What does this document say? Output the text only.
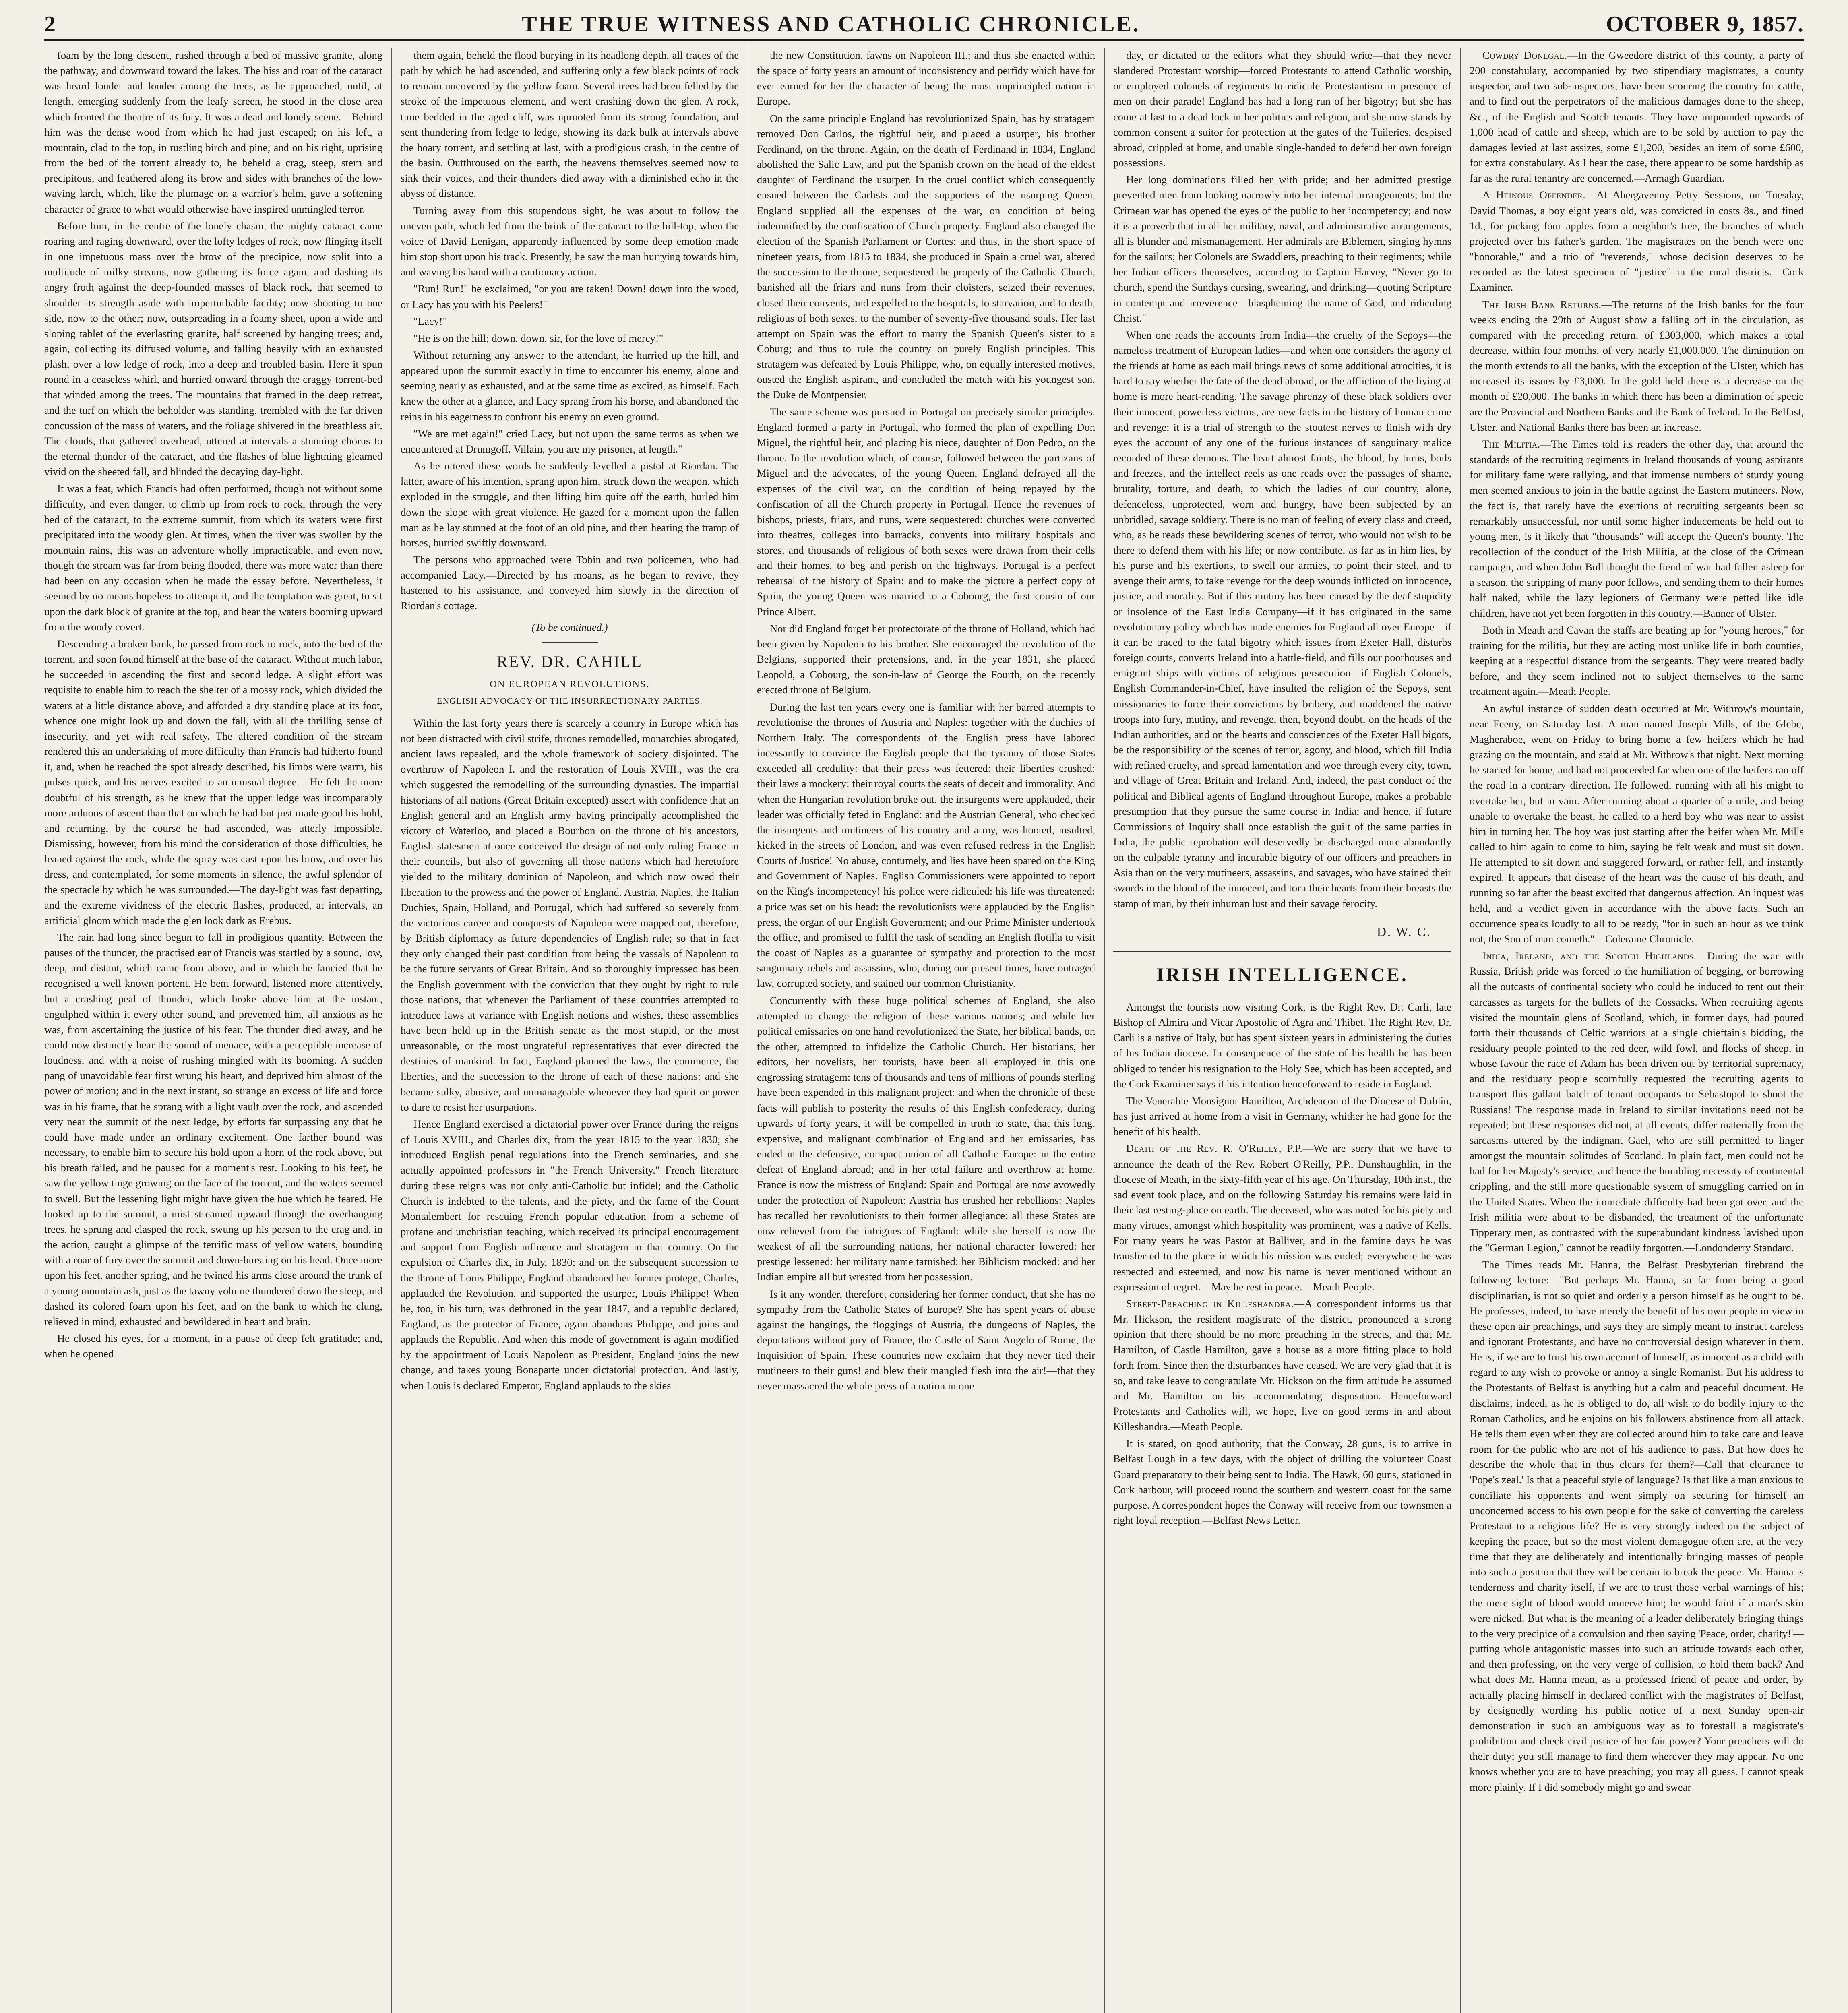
2	THE TRUE WITNESS AND CATHOLIC CHRONICLE.	OCTOBER 9, 1857.

foam by the long descent, rushed through a bed of massive granite, along the pathway, and downward toward the lakes. The hiss and roar of the cataract was heard louder and louder among the trees, as he approached, until, at length, emerging suddenly from the leafy screen, he stood in the close area which fronted the theatre of its fury. It was a dead and lonely scene.—Behind him was the dense wood from which he had just escaped; on his left, a mountain, clad to the top, in rustling birch and pine; and on his right, uprising from the bed of the torrent already to, he beheld a crag, steep, stern and precipitous, and feathered along its brow and sides with branches of the low-waving larch, which, like the plumage on a warrior's helm, gave a softening character of grace to what would otherwise have inspired unmingled terror.

Before him, in the centre of the lonely chasm, the mighty cataract came roaring and raging downward, over the lofty ledges of rock, now flinging itself in one impetuous mass over the brow of the precipice, now split into a multitude of milky streams, now gathering its force again, and dashing its angry froth against the deep-founded masses of black rock, that seemed to shoulder its strength aside with imperturbable facility; now shooting to one side, now to the other; now, outspreading in a foamy sheet, upon a wide and sloping tablet of the everlasting granite, half screened by hanging trees; and, again, collecting its diffused volume, and falling heavily with an exhausted plash, over a low ledge of rock, into a deep and troubled basin. Here it spun round in a ceaseless whirl, and hurried onward through the craggy torrent-bed that winded among the trees. The mountains that framed in the deep retreat, and the turf on which the beholder was standing, trembled with the far driven concussion of the mass of waters, and the foliage shivered in the breathless air. The clouds, that gathered overhead, uttered at intervals a stunning chorus to the eternal thunder of the cataract, and the flashes of blue lightning gleamed vivid on the sheeted fall, and blinded the decaying day-light.

It was a feat, which Francis had often performed, though not without some difficulty, and even danger, to climb up from rock to rock, through the very bed of the cataract, to the extreme summit, from which its waters were first precipitated into the woody glen. At times, when the river was swollen by the mountain rains, this was an adventure wholly impracticable, and even now, though the stream was far from being flooded, there was more water than there had been on any occasion when he made the essay before. Nevertheless, it seemed by no means hopeless to attempt it, and the temptation was great, to sit upon the dark block of granite at the top, and hear the waters booming upward from the woody covert.

Descending a broken bank, he passed from rock to rock, into the bed of the torrent, and soon found himself at the base of the cataract. Without much labor, he succeeded in ascending the first and second ledge. A slight effort was requisite to enable him to reach the shelter of a mossy rock, which divided the waters at a little distance above, and afforded a dry standing place at its foot, whence one might look up and down the fall, with all the thrilling sense of insecurity, and yet with real safety. The altered condition of the stream rendered this an undertaking of more difficulty than Francis had hitherto found it, and, when he reached the spot already described, his limbs were warm, his pulses quick, and his nerves excited to an unusual degree.—He felt the more doubtful of his strength, as he knew that the upper ledge was incomparably more arduous of ascent than that on which he had but just made good his hold, and returning, by the course he had ascended, was utterly impossible. Dismissing, however, from his mind the consideration of those difficulties, he leaned against the rock, while the spray was cast upon his brow, and over his dress, and contemplated, for some moments in silence, the awful splendor of the spectacle by which he was surrounded.—The day-light was fast departing, and the extreme vividness of the electric flashes, produced, at intervals, an artificial gloom which made the glen look dark as Erebus.

The rain had long since begun to fall in prodigious quantity. Between the pauses of the thunder, the practised ear of Francis was startled by a sound, low, deep, and distant, which came from above, and in which he fancied that he recognised a well known portent. He bent forward, listened more attentively, but a crashing peal of thunder, which broke above him at the instant, engulphed within it every other sound, and prevented him, all anxious as he was, from ascertaining the justice of his fear. The thunder died away, and he could now distinctly hear the sound of menace, with a perceptible increase of loudness, and with a noise of rushing mingled with its booming. A sudden pang of unavoidable fear first wrung his heart, and deprived him almost of the power of motion; and in the next instant, so strange an excess of life and force was in his frame, that he sprang with a light vault over the rock, and ascended very near the summit of the next ledge, by efforts far surpassing any that he could have made under an ordinary excitement. One farther bound was necessary, to enable him to secure his hold upon a horn of the rock above, but his breath failed, and he paused for a moment's rest. Looking to his feet, he saw the yellow tinge growing on the face of the torrent, and the waters seemed to swell. But the lessening light might have given the hue which he feared. He looked up to the summit, a mist streamed upward through the overhanging trees, he sprung and clasped the rock, swung up his person to the crag and, in the action, caught a glimpse of the terrific mass of yellow waters, bounding with a roar of fury over the summit and down-bursting on his head. Once more upon his feet, another spring, and he twined his arms close around the trunk of a young mountain ash, just as the tawny volume thundered down the steep, and dashed its colored foam upon his feet, and on the bank to which he clung, relieved in mind, exhausted and bewildered in heart and brain.

He closed his eyes, for a moment, in a pause of deep felt gratitude; and, when he opened

them again, beheld the flood burying in its headlong depth, all traces of the path by which he had ascended, and suffering only a few black points of rock to remain uncovered by the yellow foam. Several trees had been felled by the stroke of the impetuous element, and went crashing down the glen. A rock, time bedded in the aged cliff, was uprooted from its strong foundation, and sent thundering from ledge to ledge, showing its dark bulk at intervals above the hoary torrent, and settling at last, with a prodigious crash, in the centre of the basin. Outthroused on the earth, the heavens themselves seemed now to sink their voices, and their thunders died away with a diminished echo in the abyss of distance.

Turning away from this stupendous sight, he was about to follow the uneven path, which led from the brink of the cataract to the hill-top, when the voice of David Lenigan, apparently influenced by some deep emotion made him stop short upon his track. Presently, he saw the man hurrying towards him, and waving his hand with a cautionary action.

"Run! Run!" he exclaimed, "or you are taken! Down! down into the wood, or Lacy has you with his Peelers!"

"Lacy!"

"He is on the hill; down, down, sir, for the love of mercy!"

Without returning any answer to the attendant, he hurried up the hill, and appeared upon the summit exactly in time to encounter his enemy, alone and seeming nearly as exhausted, and at the same time as excited, as himself. Each knew the other at a glance, and Lacy sprang from his horse, and abandoned the reins in his eagerness to confront his enemy on even ground.

"We are met again!" cried Lacy, but not upon the same terms as when we encountered at Drumgoff. Villain, you are my prisoner, at length."

As he uttered these words he suddenly levelled a pistol at Riordan. The latter, aware of his intention, sprang upon him, struck down the weapon, which exploded in the struggle, and then lifting him quite off the earth, hurled him down the slope with great violence. He gazed for a moment upon the fallen man as he lay stunned at the foot of an old pine, and then hearing the tramp of horses, hurried swiftly downward.

The persons who approached were Tobin and two policemen, who had accompanied Lacy.—Directed by his moans, as he began to revive, they hastened to his assistance, and conveyed him slowly in the direction of Riordan's cottage.

(To be continued.)
REV. DR. CAHILL
ON EUROPEAN REVOLUTIONS.
ENGLISH ADVOCACY OF THE INSURRECTIONARY PARTIES.

Within the last forty years there is scarcely a country in Europe which has not been distracted with civil strife, thrones remodelled, monarchies abrogated, ancient laws repealed, and the whole framework of society disjointed. The overthrow of Napoleon I. and the restoration of Louis XVIII., was the era which suggested the remodelling of the surrounding dynasties. The impartial historians of all nations (Great Britain excepted) assert with confidence that an English general and an English army having principally accomplished the victory of Waterloo, and placed a Bourbon on the throne of his ancestors, English statesmen at once conceived the design of not only ruling France in their councils, but also of governing all those nations which had heretofore yielded to the military dominion of Napoleon, and which now owed their liberation to the prowess and the power of England. Austria, Naples, the Italian Duchies, Spain, Holland, and Portugal, which had suffered so severely from the victorious career and conquests of Napoleon were mapped out, therefore, by British diplomacy as future dependencies of English rule; so that in fact they only changed their past condition from being the vassals of Napoleon to be the future servants of Great Britain. And so thoroughly impressed has been the English government with the conviction that they ought by right to rule those nations, that whenever the Parliament of these countries attempted to introduce laws at variance with English notions and wishes, these assemblies have been held up in the British senate as the most stupid, or the most unreasonable, or the most ungrateful representatives that ever directed the destinies of mankind. In fact, England planned the laws, the commerce, the liberties, and the succession to the throne of each of these nations: and she became sulky, abusive, and unmanageable whenever they had spirit or power to dare to resist her usurpations.

Hence England exercised a dictatorial power over France during the reigns of Louis XVIII., and Charles dix, from the year 1815 to the year 1830; she introduced English penal regulations into the French seminaries, and she actually appointed professors in "the French University." French literature during these reigns was not only anti-Catholic but infidel; and the Catholic Church is indebted to the talents, and the piety, and the fame of the Count Montalembert for rescuing French popular education from a scheme of profane and unchristian teaching, which received its principal encouragement and support from English influence and stratagem in that country. On the expulsion of Charles dix, in July, 1830; and on the subsequent succession to the throne of Louis Philippe, England abandoned her former protege, Charles, applauded the Revolution, and supported the usurper, Louis Philippe! When he, too, in his turn, was dethroned in the year 1847, and a republic declared, England, as the protector of France, again abandons Philippe, and joins and applauds the Republic. And when this mode of government is again modified by the appointment of Louis Napoleon as President, England joins the new change, and takes young Bonaparte under dictatorial protection. And lastly, when Louis is declared Emperor, England applauds to the skies

the new Constitution, fawns on Napoleon III.; and thus she enacted within the space of forty years an amount of inconsistency and perfidy which have for ever earned for her the character of being the most unprincipled nation in Europe.

On the same principle England has revolutionized Spain, has by stratagem removed Don Carlos, the rightful heir, and placed a usurper, his brother Ferdinand, on the throne. Again, on the death of Ferdinand in 1834, England abolished the Salic Law, and put the Spanish crown on the head of the eldest daughter of Ferdinand the usurper. In the cruel conflict which consequently ensued between the Carlists and the supporters of the usurping Queen, England supplied all the expenses of the war, on condition of being indemnified by the confiscation of Church property. England also changed the election of the Spanish Parliament or Cortes; and thus, in the short space of nineteen years, from 1815 to 1834, she produced in Spain a cruel war, altered the succession to the throne, sequestered the property of the Catholic Church, banished all the friars and nuns from their cloisters, seized their revenues, closed their convents, and expelled to the hospitals, to starvation, and to death, religious of both sexes, to the number of seventy-five thousand souls. Her last attempt on Spain was the effort to marry the Spanish Queen's sister to a Coburg; and thus to rule the country on purely English principles. This stratagem was defeated by Louis Philippe, who, on equally interested motives, ousted the English aspirant, and concluded the match with his youngest son, the Duke de Montpensier.

The same scheme was pursued in Portugal on precisely similar principles. England formed a party in Portugal, who formed the plan of expelling Don Miguel, the rightful heir, and placing his niece, daughter of Don Pedro, on the throne. In the revolution which, of course, followed between the partizans of Miguel and the advocates, of the young Queen, England defrayed all the expenses of the civil war, on the condition of being repayed by the confiscation of all the Church property in Portugal. Hence the revenues of bishops, priests, friars, and nuns, were sequestered: churches were converted into theatres, colleges into barracks, convents into military hospitals and stores, and thousands of religious of both sexes were drawn from their cells and their homes, to beg and perish on the highways. Portugal is a perfect rehearsal of the history of Spain: and to make the picture a perfect copy of Spain, the young Queen was married to a Cobourg, the first cousin of our Prince Albert.

Nor did England forget her protectorate of the throne of Holland, which had been given by Napoleon to his brother. She encouraged the revolution of the Belgians, supported their pretensions, and, in the year 1831, she placed Leopold, a Cobourg, the son-in-law of George the Fourth, on the recently erected throne of Belgium.

During the last ten years every one is familiar with her barred attempts to revolutionise the thrones of Austria and Naples: together with the duchies of Northern Italy. The correspondents of the English press have labored incessantly to convince the English people that the tyranny of those States exceeded all credulity: that their press was fettered: their liberties crushed: their laws a mockery: their royal courts the seats of deceit and immorality. And when the Hungarian revolution broke out, the insurgents were applauded, their leader was officially feted in England: and the Austrian General, who checked the insurgents and mutineers of his country and army, was hooted, insulted, kicked in the streets of London, and was even refused redress in the English Courts of Justice! No abuse, contumely, and lies have been spared on the King and Government of Naples. English Commissioners were appointed to report on the King's incompetency! his police were ridiculed: his life was threatened: a price was set on his head: the revolutionists were applauded by the English press, the organ of our English Government; and our Prime Minister undertook the office, and promised to fulfil the task of sending an English flotilla to visit the coast of Naples as a guarantee of sympathy and protection to the most sanguinary rebels and assassins, who, during our present times, have outraged law, corrupted society, and stained our common Christianity.

Concurrently with these huge political schemes of England, she also attempted to change the religion of these various nations; and while her political emissaries on one hand revolutionized the State, her biblical bands, on the other, attempted to infidelize the Catholic Church. Her historians, her editors, her novelists, her tourists, have been all employed in this one engrossing stratagem: tens of thousands and tens of millions of pounds sterling have been expended in this malignant project: and when the chronicle of these facts will publish to posterity the results of this English confederacy, during upwards of forty years, it will be compelled in truth to state, that this long, expensive, and malignant combination of England and her emissaries, has ended in the defensive, compact union of all Catholic Europe: in the entire defeat of England abroad; and in her total failure and overthrow at home. France is now the mistress of England: Spain and Portugal are now avowedly under the protection of Napoleon: Austria has crushed her rebellions: Naples has recalled her revolutionists to their former allegiance: all these States are now relieved from the intrigues of England: while she herself is now the weakest of all the surrounding nations, her national character lowered: her prestige lessened: her military name tarnished: her Biblicism mocked: and her Indian empire all but wrested from her possession.

Is it any wonder, therefore, considering her former conduct, that she has no sympathy from the Catholic States of Europe? She has spent years of abuse against the hangings, the floggings of Austria, the dungeons of Naples, the deportations without jury of France, the Castle of Saint Angelo of Rome, the Inquisition of Spain. These countries now exclaim that they never tied their mutineers to their guns! and blew their mangled flesh into the air!—that they never massacred the whole press of a nation in one

day, or dictated to the editors what they should write—that they never slandered Protestant worship—forced Protestants to attend Catholic worship, or employed colonels of regiments to ridicule Protestantism in presence of men on their parade! England has had a long run of her bigotry; but she has come at last to a dead lock in her politics and religion, and she now stands by common consent a suitor for protection at the gates of the Tuileries, despised abroad, crippled at home, and unable single-handed to defend her own foreign possessions.

Her long dominations filled her with pride; and her admitted prestige prevented men from looking narrowly into her internal arrangements; but the Crimean war has opened the eyes of the public to her incompetency; and now it is a proverb that in all her military, naval, and administrative arrangements, all is blunder and mismanagement. Her admirals are Biblemen, singing hymns for the sailors; her Colonels are Swaddlers, preaching to their regiments; while her Indian officers themselves, according to Captain Harvey, "Never go to church, spend the Sundays cursing, swearing, and drinking—quoting Scripture in contempt and irreverence—blaspheming the name of God, and ridiculing Christ."

When one reads the accounts from India—the cruelty of the Sepoys—the nameless treatment of European ladies—and when one considers the agony of the friends at home as each mail brings news of some additional atrocities, it is hard to say whether the fate of the dead abroad, or the affliction of the living at home is more heart-rending. The savage phrenzy of these black soldiers over their innocent, powerless victims, are new facts in the history of human crime and revenge; it is a trial of strength to the stoutest nerves to finish with dry eyes the account of any one of the furious instances of sanguinary malice recorded of these demons. The heart almost faints, the blood, by turns, boils and freezes, and the intellect reels as one reads over the passages of shame, brutality, torture, and death, to which the ladies of our country, alone, defenceless, unprotected, worn and hungry, have been subjected by an unbridled, savage soldiery. There is no man of feeling of every class and creed, who, as he reads these bewildering scenes of terror, who would not wish to be there to defend them with his life; or now contribute, as far as in him lies, by his purse and his exertions, to swell our armies, to point their steel, and to avenge their arms, to take revenge for the deep wounds inflicted on innocence, justice, and morality. But if this mutiny has been caused by the deaf stupidity or insolence of the East India Company—if it has originated in the same revolutionary policy which has made enemies for England all over Europe—if it can be traced to the fatal bigotry which issues from Exeter Hall, disturbs foreign courts, converts Ireland into a battle-field, and fills our poorhouses and emigrant ships with victims of religious persecution—if English Colonels, English Commander-in-Chief, have insulted the religion of the Sepoys, sent missionaries to force their convictions by bribery, and maddened the native troops into fury, mutiny, and revenge, then, beyond doubt, on the heads of the Indian authorities, and on the hearts and consciences of the Exeter Hall bigots, be the responsibility of the scenes of terror, agony, and blood, which fill India with refined cruelty, and spread lamentation and woe through every city, town, and village of Great Britain and Ireland. And, indeed, the past conduct of the political and Biblical agents of England throughout Europe, makes a probable presumption that they pursue the same course in India; and hence, if future Commissions of Inquiry shall once establish the guilt of the same parties in India, the public reprobation will deservedly be discharged more abundantly on the culpable tyranny and incurable bigotry of our officers and preachers in Asia than on the very mutineers, assassins, and savages, who have stained their swords in the blood of the innocent, and torn their hearts from their breasts the stamp of man, by their inhuman lust and their savage ferocity.

D. W. C.
IRISH INTELLIGENCE.

Amongst the tourists now visiting Cork, is the Right Rev. Dr. Carli, late Bishop of Almira and Vicar Apostolic of Agra and Thibet. The Right Rev. Dr. Carli is a native of Italy, but has spent sixteen years in administering the duties of his Indian diocese. In consequence of the state of his health he has been obliged to tender his resignation to the Holy See, which has been accepted, and the Cork Examiner says it his intention henceforward to reside in England.

The Venerable Monsignor Hamilton, Archdeacon of the Diocese of Dublin, has just arrived at home from a visit in Germany, whither he had gone for the benefit of his health.

Death of the Rev. R. O'Reilly, P.P.—We are sorry that we have to announce the death of the Rev. Robert O'Reilly, P.P., Dunshaughlin, in the diocese of Meath, in the sixty-fifth year of his age. On Thursday, 10th inst., the sad event took place, and on the following Saturday his remains were laid in their last resting-place on earth. The deceased, who was noted for his piety and many virtues, amongst which hospitality was prominent, was a native of Kells. For many years he was Pastor at Balliver, and in the famine days he was transferred to the place in which his mission was ended; everywhere he was respected and esteemed, and now his name is never mentioned without an expression of regret.—May he rest in peace.—Meath People.

Street-Preaching in Killeshandra.—A correspondent informs us that Mr. Hickson, the resident magistrate of the district, pronounced a strong opinion that there should be no more preaching in the streets, and that Mr. Hamilton, of Castle Hamilton, gave a house as a more fitting place to hold forth from. Since then the disturbances have ceased. We are very glad that it is so, and take leave to congratulate Mr. Hickson on the firm attitude he assumed and Mr. Hamilton on his accommodating disposition. Henceforward Protestants and Catholics will, we hope, live on good terms in and about Killeshandra.—Meath People.

It is stated, on good authority, that the Conway, 28 guns, is to arrive in Belfast Lough in a few days, with the object of drilling the volunteer Coast Guard preparatory to their being sent to India. The Hawk, 60 guns, stationed in Cork harbour, will proceed round the southern and western coast for the same purpose. A correspondent hopes the Conway will receive from our townsmen a right loyal reception.—Belfast News Letter.

Cowdry Donegal.—In the Gweedore district of this county, a party of 200 constabulary, accompanied by two stipendiary magistrates, a county inspector, and two sub-inspectors, have been scouring the country for cattle, and to find out the perpetrators of the malicious damages done to the sheep, &c., of the English and Scotch tenants. They have impounded upwards of 1,000 head of cattle and sheep, which are to be sold by auction to pay the damages levied at last assizes, some £1,200, besides an item of some £600, for extra constabulary. As I hear the case, there appear to be some hardship as far as the rural tenantry are concerned.—Armagh Guardian.

A Heinous Offender.—At Abergavenny Petty Sessions, on Tuesday, David Thomas, a boy eight years old, was convicted in costs 8s., and fined 1d., for picking four apples from a neighbor's tree, the branches of which projected over his father's garden. The magistrates on the bench were one "honorable," and a trio of "reverends," whose decision deserves to be recorded as the latest specimen of "justice" in the rural districts.—Cork Examiner.

The Irish Bank Returns.—The returns of the Irish banks for the four weeks ending the 29th of August show a falling off in the circulation, as compared with the preceding return, of £303,000, which makes a total decrease, within four months, of very nearly £1,000,000. The diminution on the month extends to all the banks, with the exception of the Ulster, which has increased its issues by £3,000. In the gold held there is a decrease on the month of £20,000. The banks in which there has been a diminution of specie are the Provincial and Northern Banks and the Bank of Ireland. In the Belfast, Ulster, and National Banks there has been an increase.

The Militia.—The Times told its readers the other day, that around the standards of the recruiting regiments in Ireland thousands of young aspirants for military fame were rallying, and that immense numbers of sturdy young men seemed anxious to join in the battle against the Eastern mutineers. Now, the fact is, that rarely have the exertions of recruiting sergeants been so remarkably unsuccessful, nor until some higher inducements be held out to young men, is it likely that "thousands" will accept the Queen's bounty. The recollection of the conduct of the Irish Militia, at the close of the Crimean campaign, and when John Bull thought the fiend of war had fallen asleep for a season, the stripping of many poor fellows, and sending them to their homes half naked, while the lazy legioners of Germany were petted like idle children, have not yet been forgotten in this country.—Banner of Ulster.

Both in Meath and Cavan the staffs are beating up for "young heroes," for training for the militia, but they are acting most unlike life in both counties, keeping at a respectful distance from the sergeants. They were treated badly before, and they seem inclined not to subject themselves to the same treatment again.—Meath People.

An awful instance of sudden death occurred at Mr. Withrow's mountain, near Feeny, on Saturday last. A man named Joseph Mills, of the Glebe, Magheraboe, went on Friday to bring home a few heifers which he had grazing on the mountain, and staid at Mr. Withrow's that night. Next morning he started for home, and had not proceeded far when one of the heifers ran off the road in a contrary direction. He followed, running with all his might to overtake her, but in vain. After running about a quarter of a mile, and being unable to overtake the beast, he called to a herd boy who was near to assist him in turning her. The boy was just starting after the heifer when Mr. Mills called to him again to come to him, saying he felt weak and must sit down. He attempted to sit down and staggered forward, or rather fell, and instantly expired. It appears that disease of the heart was the cause of his death, and running so far after the beast excited that dangerous affection. An inquest was held, and a verdict given in accordance with the above facts. Such an occurrence speaks loudly to all to be ready, "for in such an hour as we think not, the Son of man cometh."—Coleraine Chronicle.

India, Ireland, and the Scotch Highlands.—During the war with Russia, British pride was forced to the humiliation of begging, or borrowing all the outcasts of continental society who could be induced to rent out their carcasses as targets for the bullets of the Cossacks. When recruiting agents visited the mountain glens of Scotland, which, in former days, had poured forth their thousands of Celtic warriors at a single chieftain's bidding, the residuary people pointed to the red deer, wild fowl, and flocks of sheep, in whose favour the race of Adam has been driven out by territorial supremacy, and the residuary people scornfully requested the recruiting agents to transport this gallant batch of tenant occupants to Sebastopol to shoot the Russians! The response made in Ireland to similar invitations need not be repeated; but these responses did not, at all events, differ materially from the sarcasms uttered by the indignant Gael, who are still permitted to linger amongst the mountain solitudes of Scotland. In plain fact, men could not be had for her Majesty's service, and hence the humbling necessity of continental crippling, and the still more questionable system of smuggling carried on in the United States. When the immediate difficulty had been got over, and the Irish militia were about to be disbanded, the treatment of the unfortunate Tipperary men, as contrasted with the superabundant kindness lavished upon the "German Legion," cannot be readily forgotten.—Londonderry Standard.

The Times reads Mr. Hanna, the Belfast Presbyterian firebrand the following lecture:—"But perhaps Mr. Hanna, so far from being a good disciplinarian, is not so quiet and orderly a person himself as he ought to be. He professes, indeed, to have merely the benefit of his own people in view in these open air preachings, and says they are simply meant to instruct careless and ignorant Protestants, and have no controversial design whatever in them. He is, if we are to trust his own account of himself, as innocent as a child with regard to any wish to provoke or annoy a single Romanist. But his address to the Protestants of Belfast is anything but a calm and peaceful document. He disclaims, indeed, as he is obliged to do, all wish to do bodily injury to the Roman Catholics, and he enjoins on his followers abstinence from all attack. He tells them even when they are collected around him to take care and leave room for the public who are not of his audience to pass. But how does he describe the whole that in thus clears for them?—Call that clearance to 'Pope's zeal.' Is that a peaceful style of language? Is that like a man anxious to conciliate his opponents and went simply on securing for himself an unconcerned access to his own people for the sake of converting the careless Protestant to a religious life? He is very strongly indeed on the subject of keeping the peace, but so the most violent demagogue often are, at the very time that they are deliberately and intentionally bringing masses of people into such a position that they will be certain to break the peace. Mr. Hanna is tenderness and charity itself, if we are to trust those verbal warnings of his; the mere sight of blood would unnerve him; he would faint if a man's skin were nicked. But what is the meaning of a leader deliberately bringing things to the very precipice of a convulsion and then saying 'Peace, order, charity!'—putting whole antagonistic masses into such an attitude towards each other, and then professing, on the very verge of collision, to hold them back? And what does Mr. Hanna mean, as a professed friend of peace and order, by actually placing himself in declared conflict with the magistrates of Belfast, by designedly wording his public notice of a next Sunday open-air demonstration in such an ambiguous way as to forestall a magistrate's prohibition and check civil justice of her fair power? Your preachers will do their duty; you still manage to find them wherever they may appear. No one knows whether you are to have preaching; you may all guess. I cannot speak more plainly. If I did somebody might go and swear
